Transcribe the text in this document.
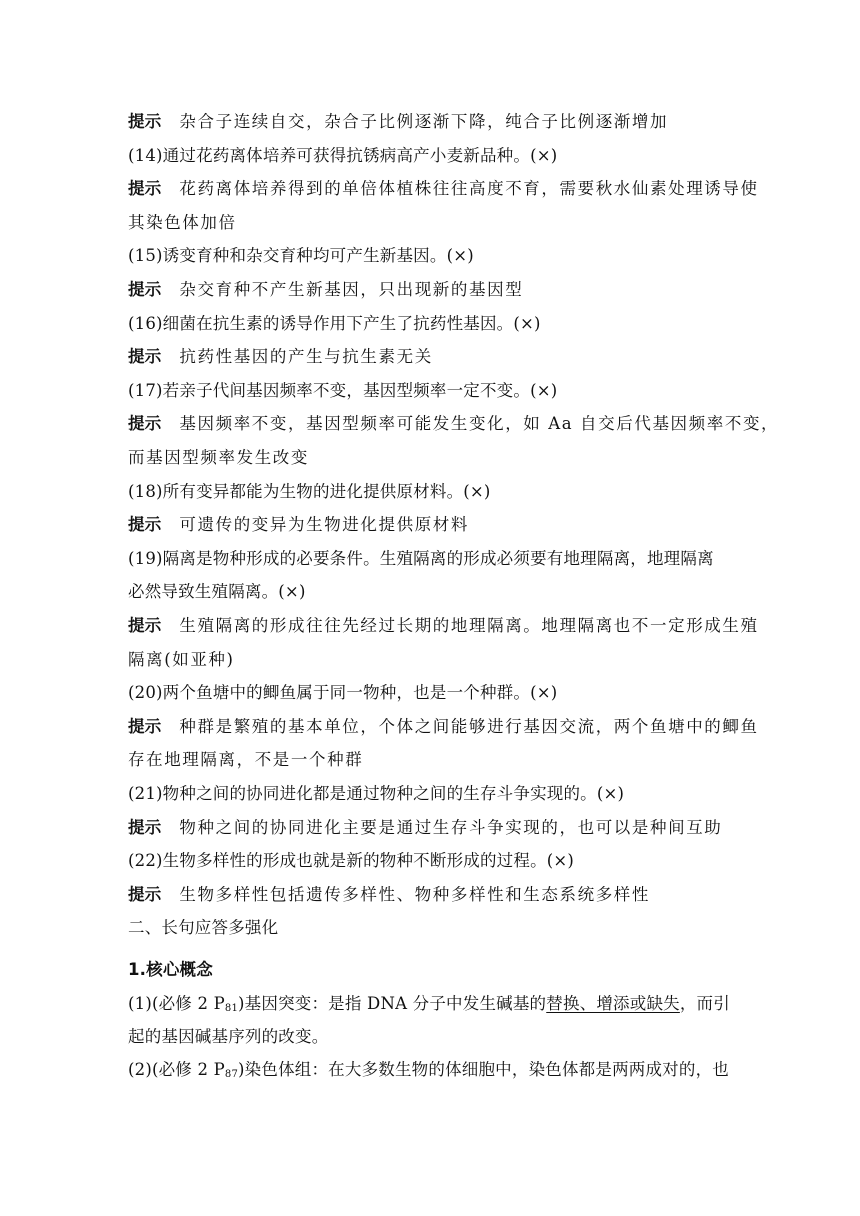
提示 杂合子连续自交，杂合子比例逐渐下降，纯合子比例逐渐增加
(14)通过花药离体培养可获得抗锈病高产小麦新品种。(×)
提示 花药离体培养得到的单倍体植株往往高度不育，需要秋水仙素处理诱导使
其染色体加倍
(15)诱变育种和杂交育种均可产生新基因。(×)
提示 杂交育种不产生新基因，只出现新的基因型
(16)细菌在抗生素的诱导作用下产生了抗药性基因。(×)
提示 抗药性基因的产生与抗生素无关
(17)若亲子代间基因频率不变，基因型频率一定不变。(×)
提示 基因频率不变，基因型频率可能发生变化，如 Aa 自交后代基因频率不变，
而基因型频率发生改变
(18)所有变异都能为生物的进化提供原材料。(×)
提示 可遗传的变异为生物进化提供原材料
(19)隔离是物种形成的必要条件。生殖隔离的形成必须要有地理隔离，地理隔离
必然导致生殖隔离。(×)
提示 生殖隔离的形成往往先经过长期的地理隔离。地理隔离也不一定形成生殖
隔离(如亚种)
(20)两个鱼塘中的鲫鱼属于同一物种，也是一个种群。(×)
提示 种群是繁殖的基本单位，个体之间能够进行基因交流，两个鱼塘中的鲫鱼
存在地理隔离，不是一个种群
(21)物种之间的协同进化都是通过物种之间的生存斗争实现的。(×)
提示 物种之间的协同进化主要是通过生存斗争实现的，也可以是种间互助
(22)生物多样性的形成也就是新的物种不断形成的过程。(×)
提示 生物多样性包括遗传多样性、物种多样性和生态系统多样性
二、长句应答多强化
1.核心概念
(1)(必修 2 $P_{81}$)基因突变：是指 DNA 分子中发生碱基的替换、增添或缺失，而引
起的基因碱基序列的改变。
(2)(必修 2 $P_{87}$)染色体组：在大多数生物的体细胞中，染色体都是两两成对的，也
